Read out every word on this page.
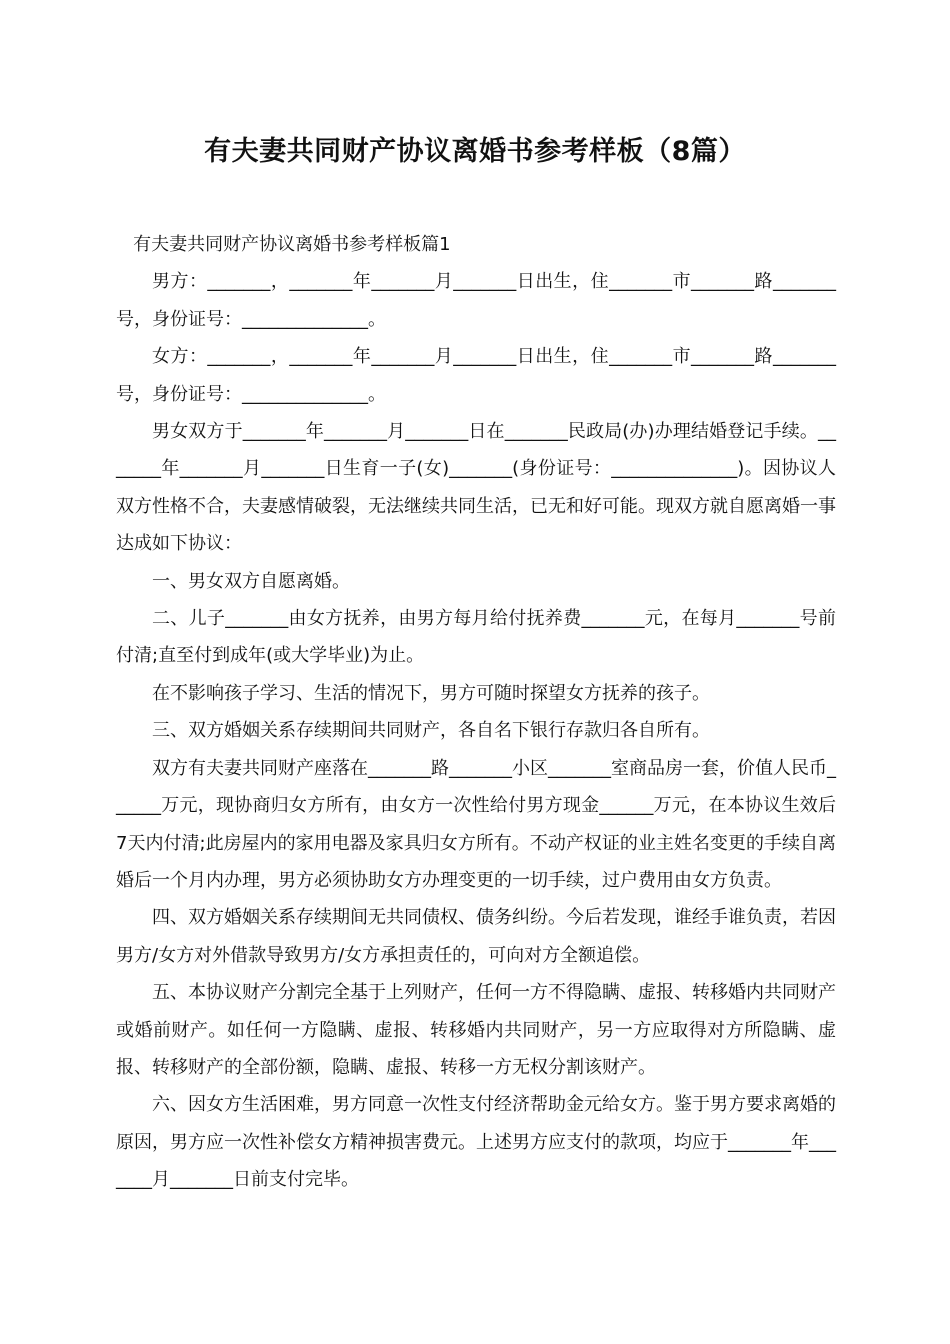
有夫妻共同财产协议离婚书参考样板（8篇）

有夫妻共同财产协议离婚书参考样板篇1

男方：_______，_______年_______月_______日出生，住_______市_______路_______号，身份证号：______________。

女方：_______，_______年_______月_______日出生，住_______市_______路_______号，身份证号：______________。

男女双方于_______年_______月_______日在_______民政局(办)办理结婚登记手续。_______年_______月_______日生育一子(女)_______(身份证号：______________)。因协议人双方性格不合，夫妻感情破裂，无法继续共同生活，已无和好可能。现双方就自愿离婚一事达成如下协议：

一、男女双方自愿离婚。

二、儿子_______由女方抚养，由男方每月给付抚养费_______元，在每月_______号前付清;直至付到成年(或大学毕业)为止。

在不影响孩子学习、生活的情况下，男方可随时探望女方抚养的孩子。

三、双方婚姻关系存续期间共同财产，各自名下银行存款归各自所有。

双方有夫妻共同财产座落在_______路_______小区_______室商品房一套，价值人民币______万元，现协商归女方所有，由女方一次性给付男方现金______万元，在本协议生效后7天内付清;此房屋内的家用电器及家具归女方所有。不动产权证的业主姓名变更的手续自离婚后一个月内办理，男方必须协助女方办理变更的一切手续，过户费用由女方负责。

四、双方婚姻关系存续期间无共同债权、债务纠纷。今后若发现，谁经手谁负责，若因男方/女方对外借款导致男方/女方承担责任的，可向对方全额追偿。

五、本协议财产分割完全基于上列财产，任何一方不得隐瞒、虚报、转移婚内共同财产或婚前财产。如任何一方隐瞒、虚报、转移婚内共同财产，另一方应取得对方所隐瞒、虚报、转移财产的全部份额，隐瞒、虚报、转移一方无权分割该财产。

六、因女方生活困难，男方同意一次性支付经济帮助金元给女方。鉴于男方要求离婚的原因，男方应一次性补偿女方精神损害费元。上述男方应支付的款项，均应于_______年_______月_______日前支付完毕。
